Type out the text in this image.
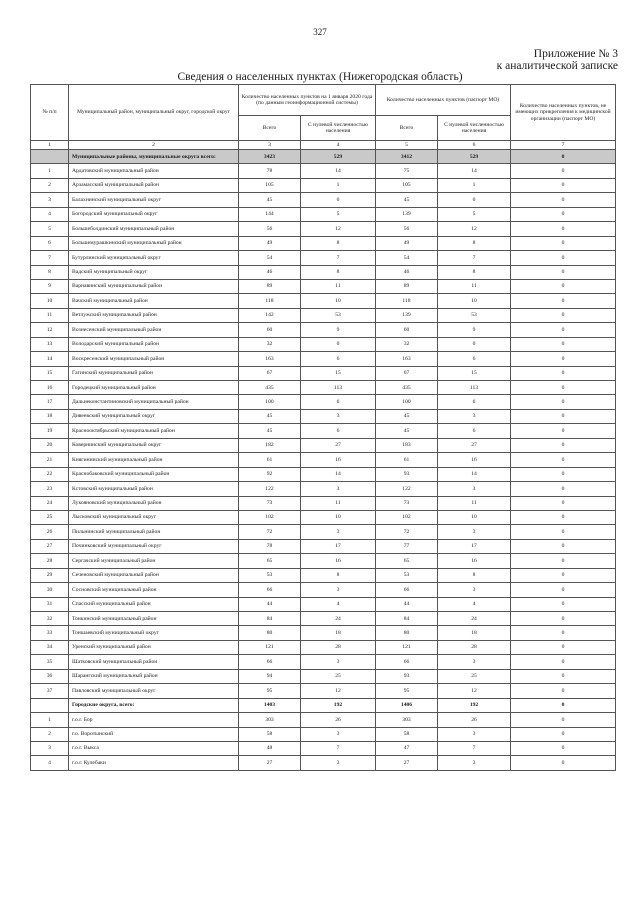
327
Приложение № 3
к аналитической записке
Сведения о населенных пунктах (Нижегородская область)
№ п/п	Муниципальный район, муниципальный округ, городской округ	Количество населенных пунктов на 1 января 2020 года (по данным геоинформационной системы)		Количество населенных пунктов (паспорт МО)		Количество населенных пунктов, не имеющих прикрепления к медицинской организации (паспорт МО)
		Всего	С нулевой численностью населения	Всего	С нулевой численностью населения	
1	2	3	4	5	6	7
	Муниципальные районы, муниципальные округа всего:	3423	529	3412	529	0
1	Ардатовский муниципальный район	78	14	75	14	0
2	Арзамасский муниципальный район	105	1	105	1	0
3	Балахнинский муниципальный округ	45	0	45	0	0
4	Богородский муниципальный округ	144	5	139	5	0
5	Большеболдинский муниципальный район	56	12	56	12	0
6	Большемурашкинский муниципальный район	49	8	49	8	0
7	Бутурлинский муниципальный округ	54	7	54	7	0
8	Вадский муниципальный округ	46	8	46	8	0
9	Варнавинский муниципальный район	89	11	89	11	0
10	Вачский муниципальный район	118	10	118	10	0
11	Ветлужский муниципальный район	142	53	139	53	0
12	Вознесенский муниципальный район	60	9	60	9	0
13	Володарский муниципальный район	32	0	32	0	0
14	Воскресенский муниципальный район	163	6	163	6	0
15	Гагинский муниципальный район	67	15	67	15	0
16	Городецкий муниципальный район	435	113	435	113	0
17	Дальнеконстантиновский муниципальный район	100	6	100	6	0
18	Дивеевский муниципальный округ	45	3	45	3	0
19	Краснооктябрьский муниципальный район	45	6	45	6	0
20	Ковернинский муниципальный округ	182	27	183	27	0
21	Княгининский муниципальный район	61	16	61	16	0
22	Краснобаковский муниципальный район	92	14	93	14	0
23	Кстовский муниципальный район	122	3	122	3	0
24	Лукояновский муниципальный район	73	11	73	11	0
25	Лысковский муниципальный округ	102	10	102	10	0
26	Пильнинский муниципальный район	72	3	72	3	0
27	Починковский муниципальный округ	78	17	77	17	0
28	Сергачский муниципальный район	65	16	65	16	0
29	Сеченовский муниципальный район	53	8	53	8	0
30	Сосновский муниципальный район	66	3	66	3	0
31	Спасский муниципальный район	44	4	44	4	0
32	Тонкинский муниципальный район	84	24	84	24	0
33	Тоншаевский муниципальный округ	80	18	80	18	0
34	Уренский муниципальный район	121	28	121	28	0
35	Шатковский муниципальный район	66	3	66	3	0
36	Шарангский муниципальный район	94	25	93	25	0
37	Павловский муниципальный округ	95	12	95	12	0
	Городские округа, всего:	1403	192	1406	192	0
1	г.о.г. Бор	303	26	303	26	0
2	г.о. Воротынский	58	3	58	3	0
3	г.о.г. Выкса	48	7	47	7	0
4	г.о.г. Кулебаки	27	3	27	3	0
